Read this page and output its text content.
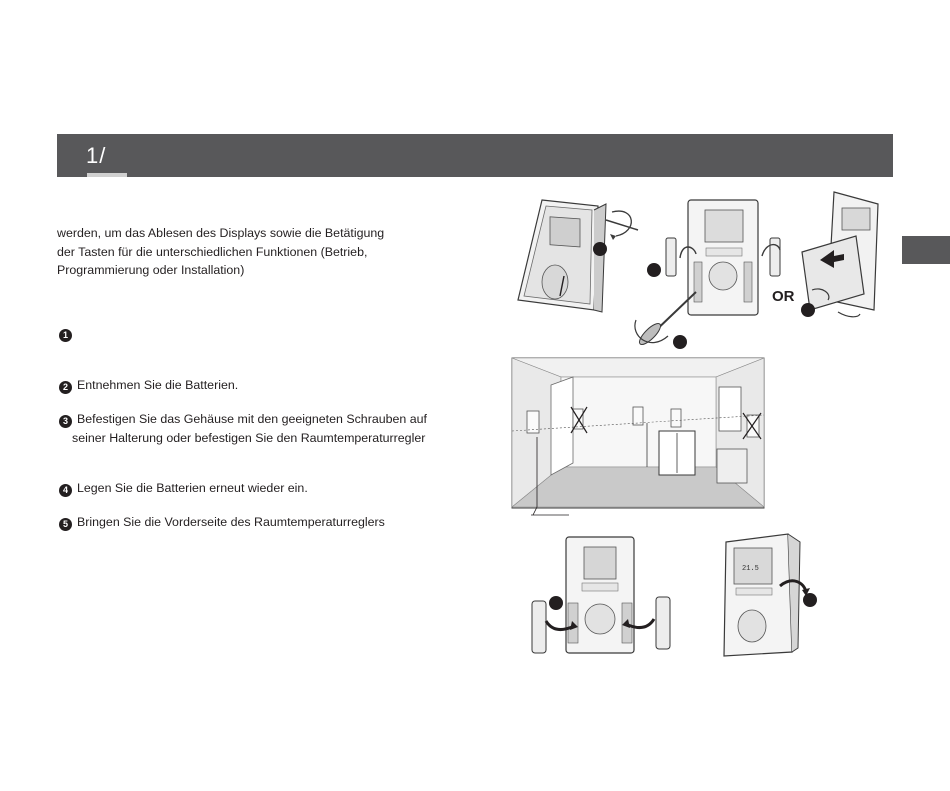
1/
werden, um das Ablesen des Displays sowie die Betätigung
der Tasten für die unterschiedlichen Funktionen (Betrieb,
Programmierung oder Installation)
1
2 Entnehmen Sie die Batterien.
3 Befestigen Sie das Gehäuse mit den geeigneten Schrauben auf
seiner Halterung oder befestigen Sie den Raumtemperaturregler
4 Legen Sie die Batterien erneut wieder ein.
5 Bringen Sie die Vorderseite des Raumtemperaturreglers
OR
21.5
